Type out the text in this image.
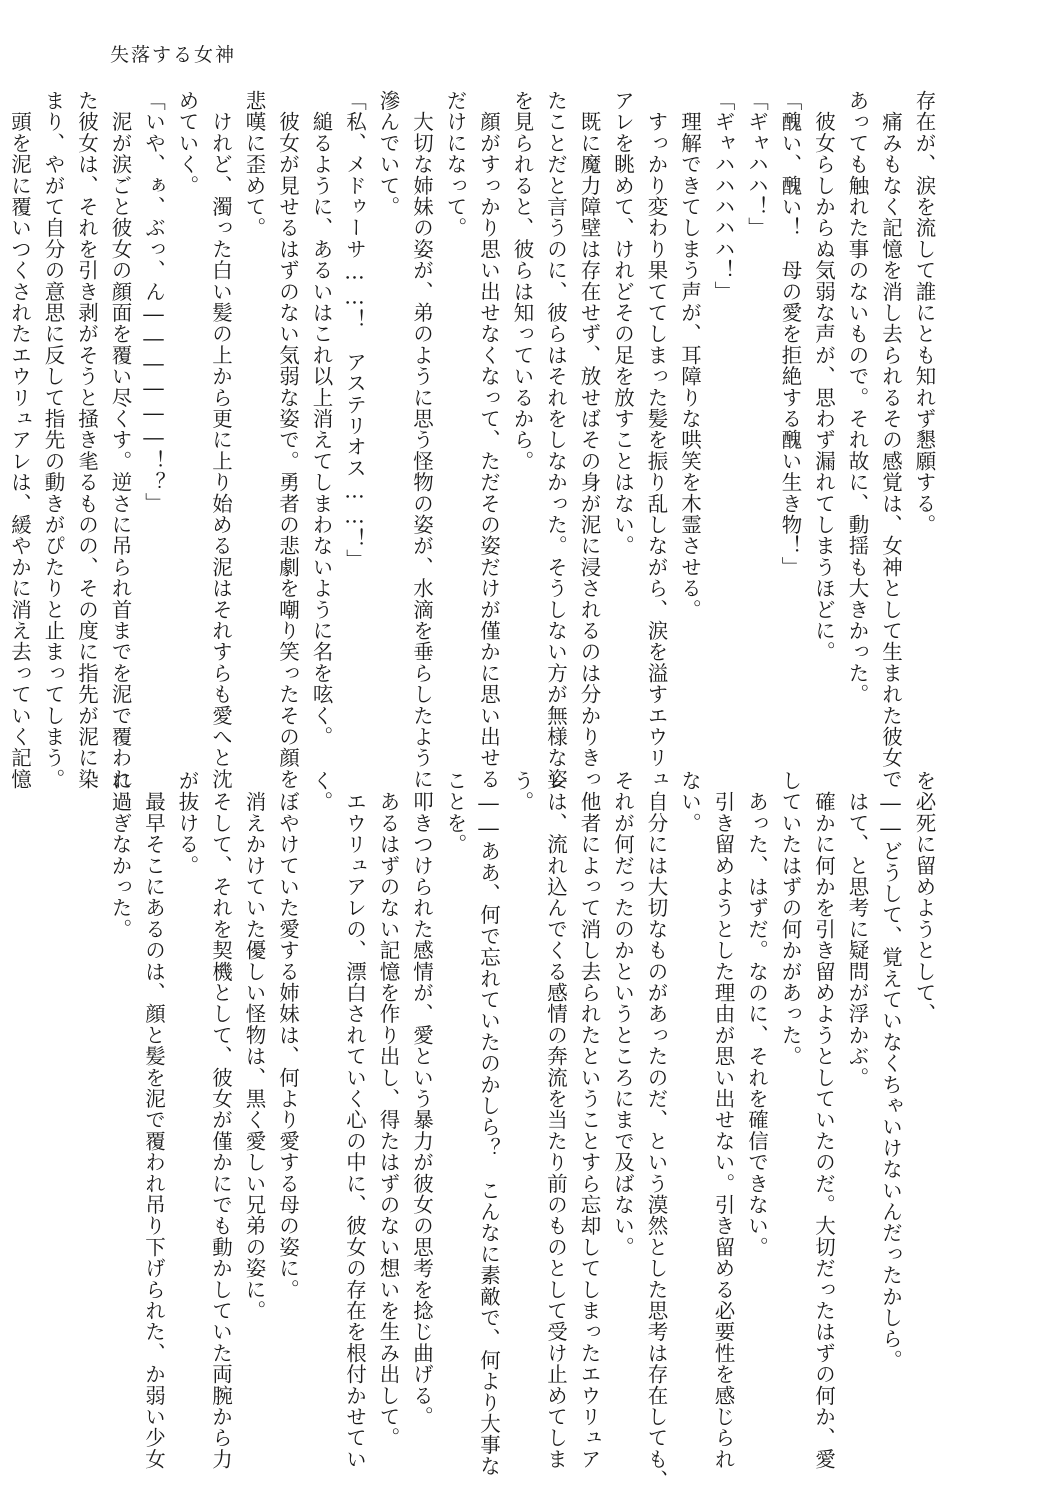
失落する女神

存在が、涙を流して誰にとも知れず懇願する。

　痛みもなく記憶を消し去られるその感覚は、女神として生まれた彼女で

あっても触れた事のないもので。それ故に、動揺も大きかった。

　彼女らしからぬ気弱な声が、思わず漏れてしまうほどに。

「醜い、醜い！　母の愛を拒絶する醜い生き物！」

「ギャハハ！」

「ギャハハハハハ！」

　理解できてしまう声が、耳障りな哄笑を木霊させる。

　すっかり変わり果ててしまった髪を振り乱しながら、涙を溢すエウリュ

アレを眺めて、けれどその足を放すことはない。

　既に魔力障壁は存在せず、放せばその身が泥に浸されるのは分かりきっ

たことだと言うのに、彼らはそれをしなかった。そうしない方が無様な姿

を見られると、彼らは知っているから。

　顔がすっかり思い出せなくなって、ただその姿だけが僅かに思い出せる

だけになって。

　大切な姉妹の姿が、弟のように思う怪物の姿が、水滴を垂らしたように

滲んでいて。

「私、メドゥーサ……！　アステリオス……！」

　縋るように、あるいはこれ以上消えてしまわないように名を呟く。

　彼女が見せるはずのない気弱な姿で。勇者の悲劇を嘲り笑ったその顔を

悲嘆に歪めて。

　けれど、濁った白い髪の上から更に上り始める泥はそれすらも愛へと沈

めていく。

「いや、ぁ、ぶっ、ん――――――！？」

　泥が涙ごと彼女の顔面を覆い尽くす。逆さに吊られ首までを泥で覆われ

た彼女は、それを引き剥がそうと掻き毟るものの、その度に指先が泥に染

まり、やがて自分の意思に反して指先の動きがぴたりと止まってしまう。

　頭を泥に覆いつくされたエウリュアレは、緩やかに消え去っていく記憶

を必死に留めようとして、

　――どうして、覚えていなくちゃいけないんだったかしら。

　はて、と思考に疑問が浮かぶ。

　確かに何かを引き留めようとしていたのだ。大切だったはずの何か、愛

していたはずの何かがあった。

　あった、はずだ。なのに、それを確信できない。

　引き留めようとした理由が思い出せない。引き留める必要性を感じられ

ない。

　自分には大切なものがあったのだ、という漠然とした思考は存在しても、

それが何だったのかというところにまで及ばない。

　他者によって消し去られたということすら忘却してしまったエウリュア

レは、流れ込んでくる感情の奔流を当たり前のものとして受け止めてしま

う。

　――ああ、何で忘れていたのかしら？　こんなに素敵で、何より大事な

ことを。

　叩きつけられた感情が、愛という暴力が彼女の思考を捻じ曲げる。

　あるはずのない記憶を作り出し、得たはずのない想いを生み出して。

　エウリュアレの、漂白されていく心の中に、彼女の存在を根付かせてい

く。

　ぼやけていた愛する姉妹は、何より愛する母の姿に。

　消えかけていた優しい怪物は、黒く愛しい兄弟の姿に。

　そして、それを契機として、彼女が僅かにでも動かしていた両腕から力

が抜ける。

　最早そこにあるのは、顔と髪を泥で覆われ吊り下げられた、か弱い少女

に過ぎなかった。
